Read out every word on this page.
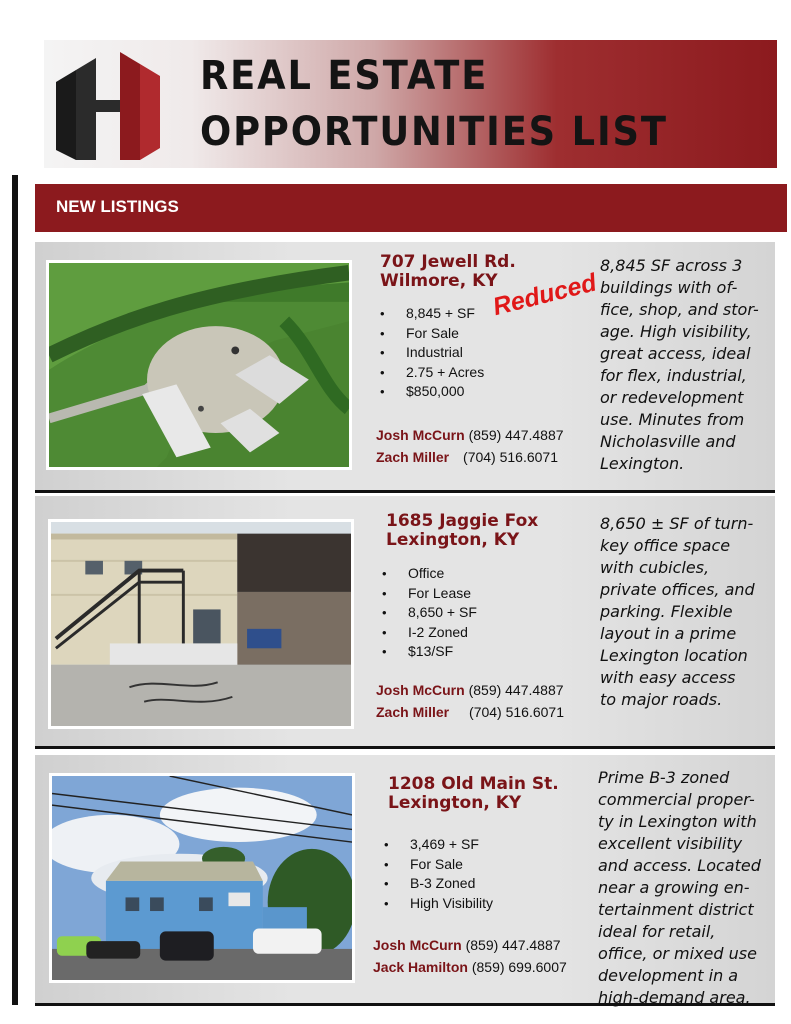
REAL ESTATE
OPPORTUNITIES LIST
NEW LISTINGS
707 Jewell Rd.
Wilmore, KY
Reduced
• 8,845 + SF
• For Sale
• Industrial
• 2.75 + Acres
• $850,000
Josh McCurn (859) 447.4887
Zach Miller (704) 516.6071

8,845 SF across 3
buildings with of-
fice, shop, and stor-
age. High visibility,
great access, ideal
for flex, industrial,
or redevelopment
use. Minutes from
Nicholasville and
Lexington.

1685 Jaggie Fox
Lexington, KY
• Office
• For Lease
• 8,650 + SF
• I-2 Zoned
• $13/SF
Josh McCurn (859) 447.4887
Zach Miller (704) 516.6071

8,650 ± SF of turn-
key office space
with cubicles,
private offices, and
parking. Flexible
layout in a prime
Lexington location
with easy access
to major roads.

1208 Old Main St.
Lexington, KY
• 3,469 + SF
• For Sale
• B-3 Zoned
• High Visibility
Josh McCurn (859) 447.4887
Jack Hamilton (859) 699.6007

Prime B-3 zoned
commercial proper-
ty in Lexington with
excellent visibility
and access. Located
near a growing en-
tertainment district
ideal for retail,
office, or mixed use
development in a
high-demand area.
